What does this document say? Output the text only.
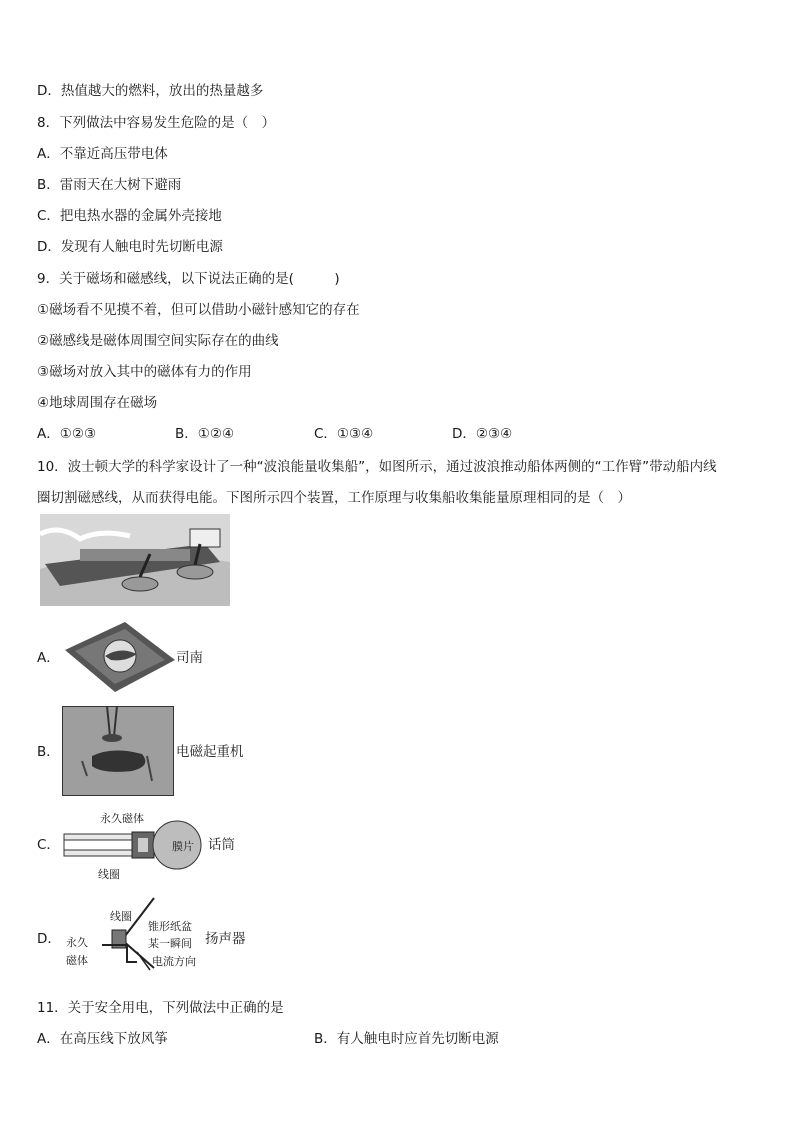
D．热值越大的燃料，放出的热量越多
8．下列做法中容易发生危险的是（　）
A．不靠近高压带电体
B．雷雨天在大树下避雨
C．把电热水器的金属外壳接地
D．发现有人触电时先切断电源
9．关于磁场和磁感线，以下说法正确的是(　　　)
①磁场看不见摸不着，但可以借助小磁针感知它的存在
②磁感线是磁体周围空间实际存在的曲线
③磁场对放入其中的磁体有力的作用
④地球周围存在磁场
A．①②③	B．①②④	C．①③④	D．②③④
10．波士顿大学的科学家设计了一种“波浪能量收集船”，如图所示，通过波浪推动船体两侧的“工作臂”带动船内线
圈切割磁感线，从而获得电能。下图所示四个装置，工作原理与收集船收集能量原理相同的是（　）
A．	司南
B．	电磁起重机
C．
永久磁体
膜片
线圈
话筒
D．
线圈
锥形纸盆
某一瞬间
永久
磁体	电流方向
扬声器
11．关于安全用电，下列做法中正确的是
A．在高压线下放风筝	B．有人触电时应首先切断电源
